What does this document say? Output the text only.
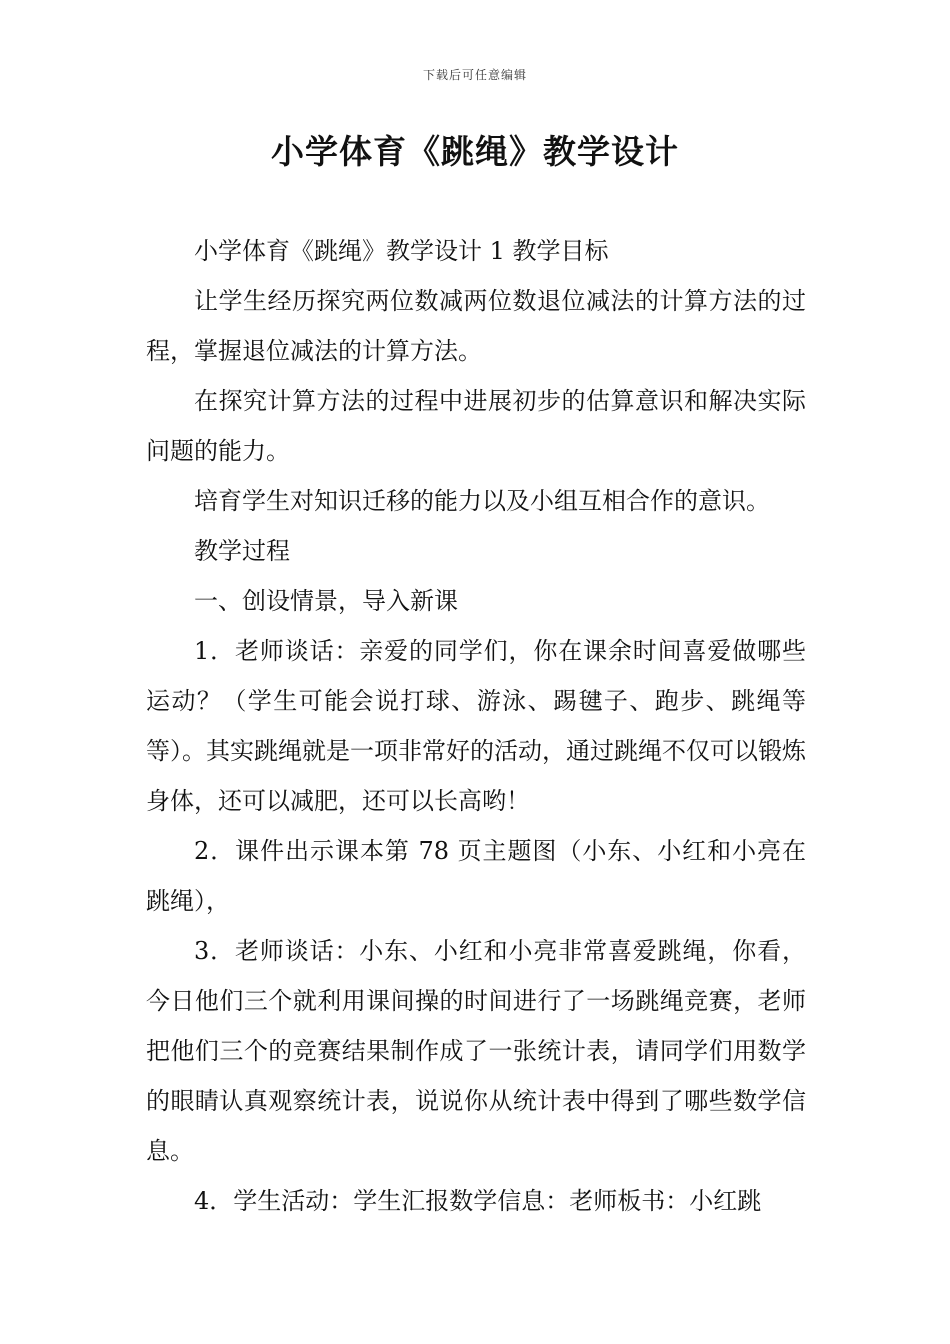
下载后可任意编辑
小学体育《跳绳》教学设计

小学体育《跳绳》教学设计 1 教学目标

让学生经历探究两位数减两位数退位减法的计算方法的过程，掌握退位减法的计算方法。

在探究计算方法的过程中进展初步的估算意识和解决实际问题的能力。

培育学生对知识迁移的能力以及小组互相合作的意识。

教学过程

一、创设情景，导入新课

1．老师谈话：亲爱的同学们，你在课余时间喜爱做哪些运动？（学生可能会说打球、游泳、踢毽子、跑步、跳绳等等）。其实跳绳就是一项非常好的活动，通过跳绳不仅可以锻炼身体，还可以减肥，还可以长高哟！

2．课件出示课本第 78 页主题图（小东、小红和小亮在跳绳），

3．老师谈话：小东、小红和小亮非常喜爱跳绳，你看，今日他们三个就利用课间操的时间进行了一场跳绳竞赛，老师把他们三个的竞赛结果制作成了一张统计表，请同学们用数学的眼睛认真观察统计表，说说你从统计表中得到了哪些数学信息。

4．学生活动：学生汇报数学信息：老师板书：小红跳
